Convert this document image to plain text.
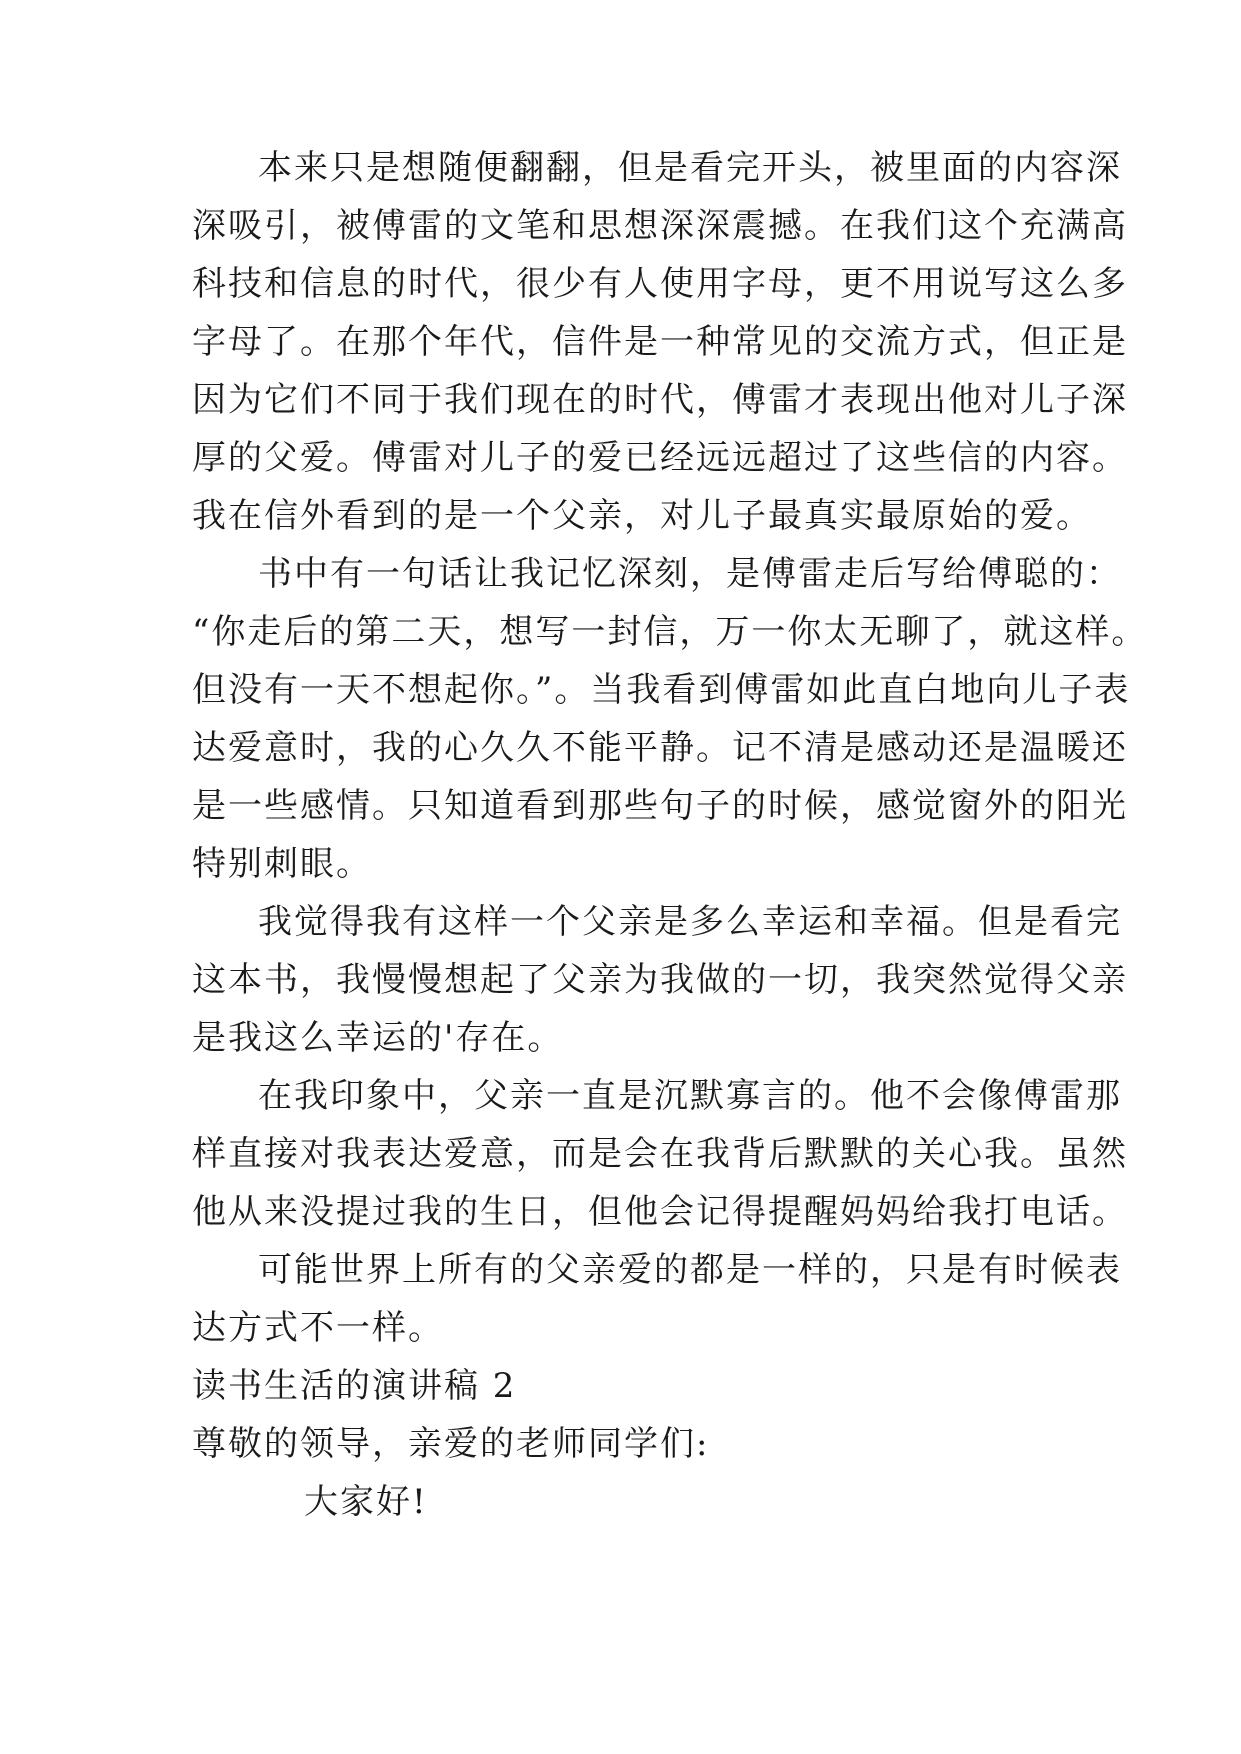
本来只是想随便翻翻，但是看完开头，被里面的内容深
深吸引，被傅雷的文笔和思想深深震撼。在我们这个充满高
科技和信息的时代，很少有人使用字母，更不用说写这么多
字母了。在那个年代，信件是一种常见的交流方式，但正是
因为它们不同于我们现在的时代，傅雷才表现出他对儿子深
厚的父爱。傅雷对儿子的爱已经远远超过了这些信的内容。
我在信外看到的是一个父亲，对儿子最真实最原始的爱。
书中有一句话让我记忆深刻，是傅雷走后写给傅聪的：
“你走后的第二天，想写一封信，万一你太无聊了，就这样。
但没有一天不想起你。”。当我看到傅雷如此直白地向儿子表
达爱意时，我的心久久不能平静。记不清是感动还是温暖还
是一些感情。只知道看到那些句子的时候，感觉窗外的阳光
特别刺眼。
我觉得我有这样一个父亲是多么幸运和幸福。但是看完
这本书，我慢慢想起了父亲为我做的一切，我突然觉得父亲
是我这么幸运的'存在。
在我印象中，父亲一直是沉默寡言的。他不会像傅雷那
样直接对我表达爱意，而是会在我背后默默的关心我。虽然
他从来没提过我的生日，但他会记得提醒妈妈给我打电话。
可能世界上所有的父亲爱的都是一样的，只是有时候表
达方式不一样。
读书生活的演讲稿 2
尊敬的领导，亲爱的老师同学们:
大家好!
